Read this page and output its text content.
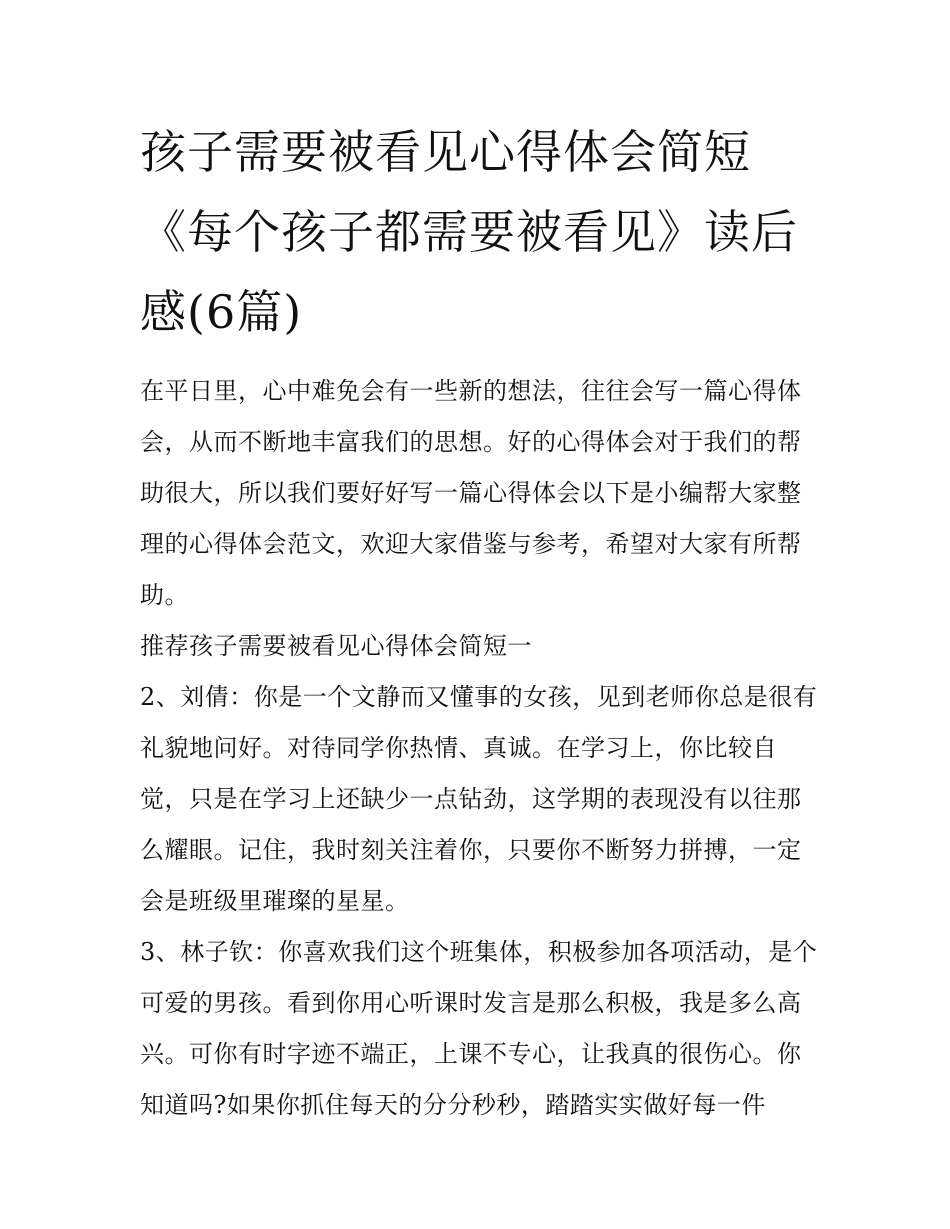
孩子需要被看见心得体会简短《每个孩子都需要被看见》读后感(6篇)

在平日里，心中难免会有一些新的想法，往往会写一篇心得体会，从而不断地丰富我们的思想。好的心得体会对于我们的帮助很大，所以我们要好好写一篇心得体会以下是小编帮大家整理的心得体会范文，欢迎大家借鉴与参考，希望对大家有所帮助。

推荐孩子需要被看见心得体会简短一

2、刘倩：你是一个文静而又懂事的女孩，见到老师你总是很有礼貌地问好。对待同学你热情、真诚。在学习上，你比较自觉，只是在学习上还缺少一点钻劲，这学期的表现没有以往那么耀眼。记住，我时刻关注着你，只要你不断努力拼搏，一定会是班级里璀璨的星星。

3、林子钦：你喜欢我们这个班集体，积极参加各项活动，是个可爱的男孩。看到你用心听课时发言是那么积极，我是多么高兴。可你有时字迹不端正，上课不专心，让我真的很伤心。你知道吗?如果你抓住每天的分分秒秒，踏踏实实做好每一件
